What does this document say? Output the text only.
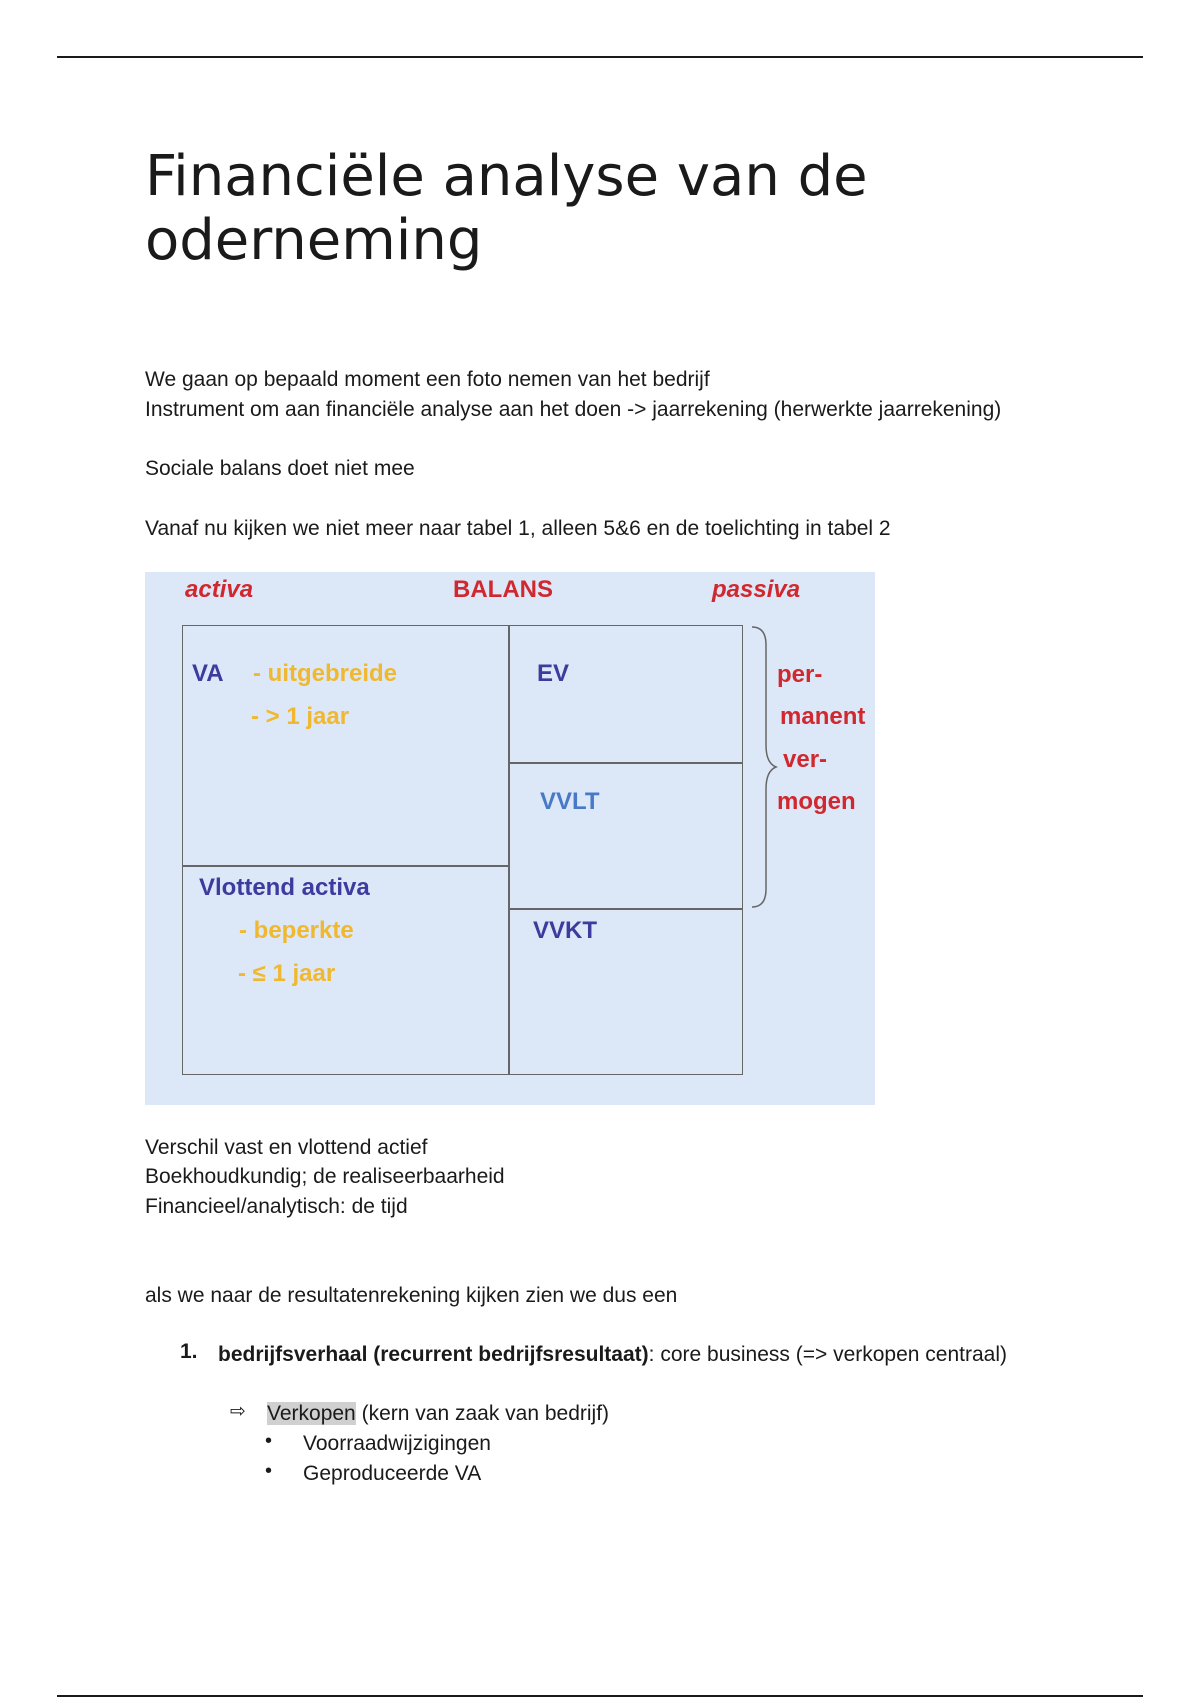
Financiële analyse van de oderneming
We gaan op bepaald moment een foto nemen van het bedrijf
Instrument om aan financiële analyse aan het doen -> jaarrekening (herwerkte jaarrekening)
Sociale balans doet niet mee
Vanaf nu kijken we niet meer naar tabel 1, alleen 5&6 en de toelichting in tabel 2
activa	BALANS	passiva
VA - uitgebreide
- > 1 jaar
Vlottend activa
- beperkte
- ≤ 1 jaar
EV
VVLT
VVKT
per-
manent
ver-
mogen
Verschil vast en vlottend actief
Boekhoudkundig; de realiseerbaarheid
Financieel/analytisch: de tijd
als we naar de resultatenrekening kijken zien we dus een
1. bedrijfsverhaal (recurrent bedrijfsresultaat): core business (=> verkopen centraal)
⇨ Verkopen (kern van zaak van bedrijf)
• Voorraadwijzigingen
• Geproduceerde VA
